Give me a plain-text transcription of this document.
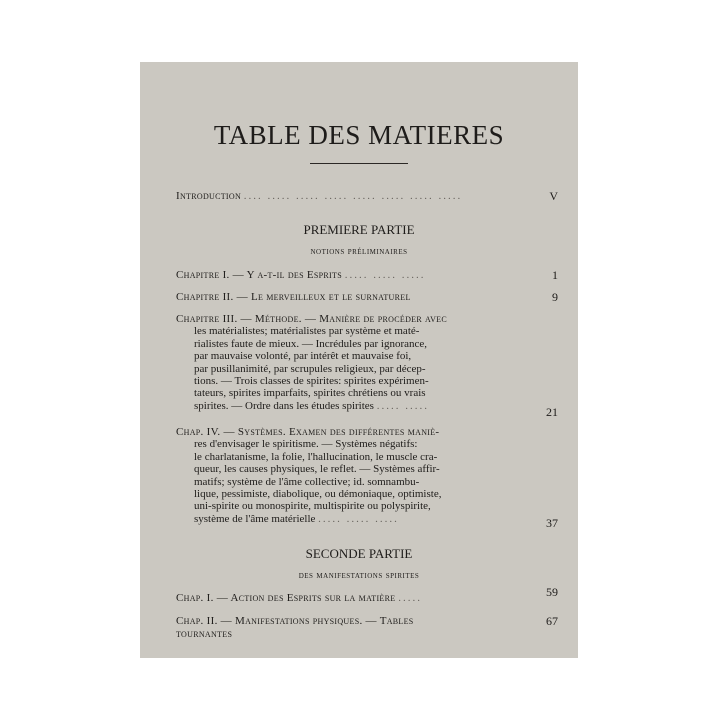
TABLE DES MATIERES
Introduction .... ..... ..... ..... ..... ..... ..... .....	V
PREMIERE PARTIE
notions préliminaires
Chapitre I. — Y a-t-il des Esprits ..... ..... .....	1
Chapitre II. — Le merveilleux et le surnaturel	9
Chapitre III. — Méthode. — Manière de procéder avec
les matérialistes; matérialistes par système et maté-
rialistes faute de mieux. — Incrédules par ignorance,
par mauvaise volonté, par intérêt et mauvaise foi,
par pusillanimité, par scrupules religieux, par décep-
tions. — Trois classes de spirites: spirites expérimen-
tateurs, spirites imparfaits, spirites chrétiens ou vrais
spirites. — Ordre dans les études spirites ..... .....	21
Chap. IV. — Systèmes. Examen des différentes maniè-
res d'envisager le spiritisme. — Systèmes négatifs:
le charlatanisme, la folie, l'hallucination, le muscle cra-
queur, les causes physiques, le reflet. — Systèmes affir-
matifs; système de l'âme collective; id. somnambu-
lique, pessimiste, diabolique, ou démoniaque, optimiste,
uni-spirite ou monospirite, multispirite ou polyspirite,
système de l'âme matérielle ..... ..... .....	37
SECONDE PARTIE
des manifestations spirites
Chap. I. — Action des Esprits sur la matière .....	59
Chap. II. — Manifestations physiques. — Tables	67
tournantes
